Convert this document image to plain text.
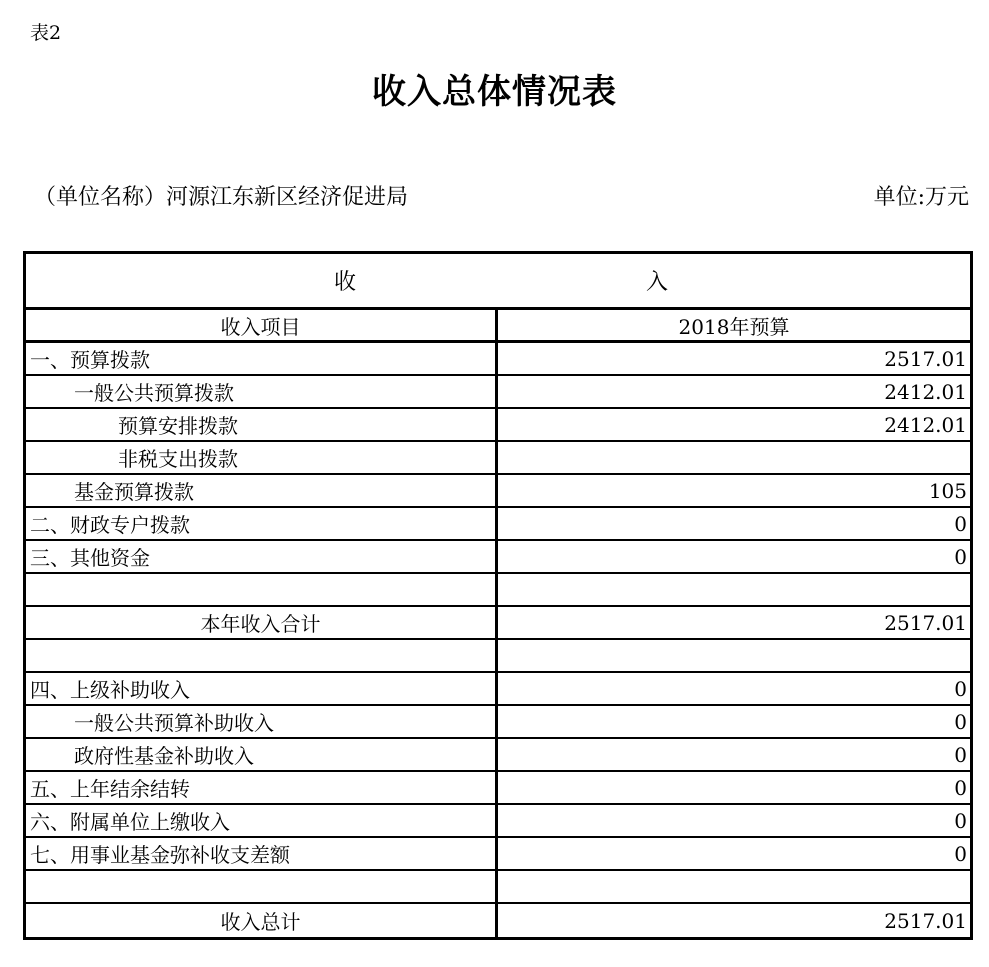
表2
收入总体情况表
（单位名称）河源江东新区经济促进局	单位:万元
收	入
收入项目	2018年预算
一、预算拨款	2517.01
一般公共预算拨款	2412.01
预算安排拨款	2412.01
非税支出拨款
基金预算拨款	105
二、财政专户拨款	0
三、其他资金	0
本年收入合计	2517.01
四、上级补助收入	0
一般公共预算补助收入	0
政府性基金补助收入	0
五、上年结余结转	0
六、附属单位上缴收入	0
七、用事业基金弥补收支差额	0
收入总计	2517.01
